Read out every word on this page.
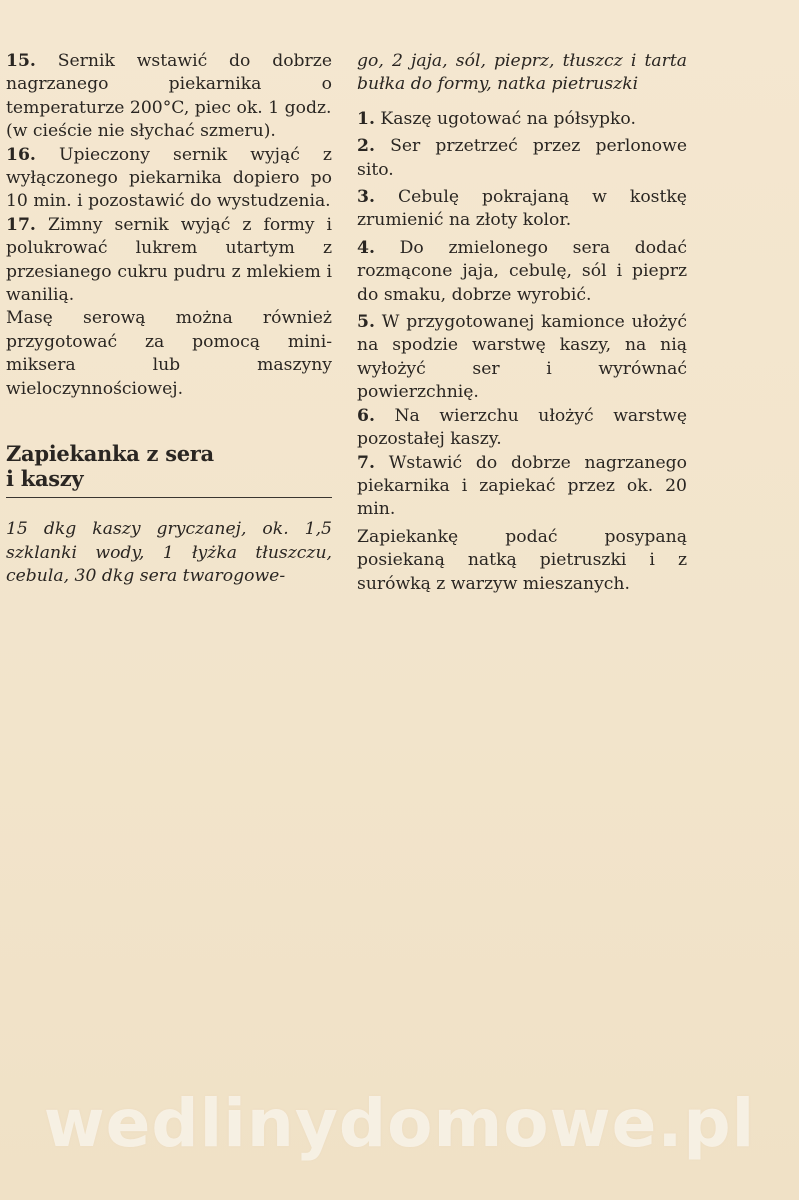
15. Sernik wstawić do dobrze nagrzanego piekarnika o temperaturze 200°C, piec ok. 1 godz.

(w cieście nie słychać szmeru).

16. Upieczony sernik wyjąć z wyłączonego piekarnika dopiero po 10 min. i pozostawić do wystudzenia.

17. Zimny sernik wyjąć z formy i polukrować lukrem utartym z przesianego cukru pudru z mlekiem i wanilią.

Masę serową można również przygotować za pomocą mini-miksera lub maszyny wieloczynnościowej.

Zapiekanka z sera
i kaszy

15 dkg kaszy gryczanej, ok. 1,5 szklanki wody, 1 łyżka tłuszczu, cebula, 30 dkg sera twarogowe-

go, 2 jaja, sól, pieprz, tłuszcz i tarta bułka do formy, natka pietruszki

1. Kaszę ugotować na półsypko.

2. Ser przetrzeć przez perlonowe sito.

3. Cebulę pokrajaną w kostkę zrumienić na złoty kolor.

4. Do zmielonego sera dodać rozmącone jaja, cebulę, sól i pieprz do smaku, dobrze wyrobić.

5. W przygotowanej kamionce ułożyć na spodzie warstwę kaszy, na nią wyłożyć ser i wyrównać powierzchnię.

6. Na wierzchu ułożyć warstwę pozostałej kaszy.

7. Wstawić do dobrze nagrzanego piekarnika i zapiekać przez ok. 20 min.

Zapiekankę podać posypaną posiekaną natką pietruszki i z surówką z warzyw mieszanych.

wedlinydomowe.pl
